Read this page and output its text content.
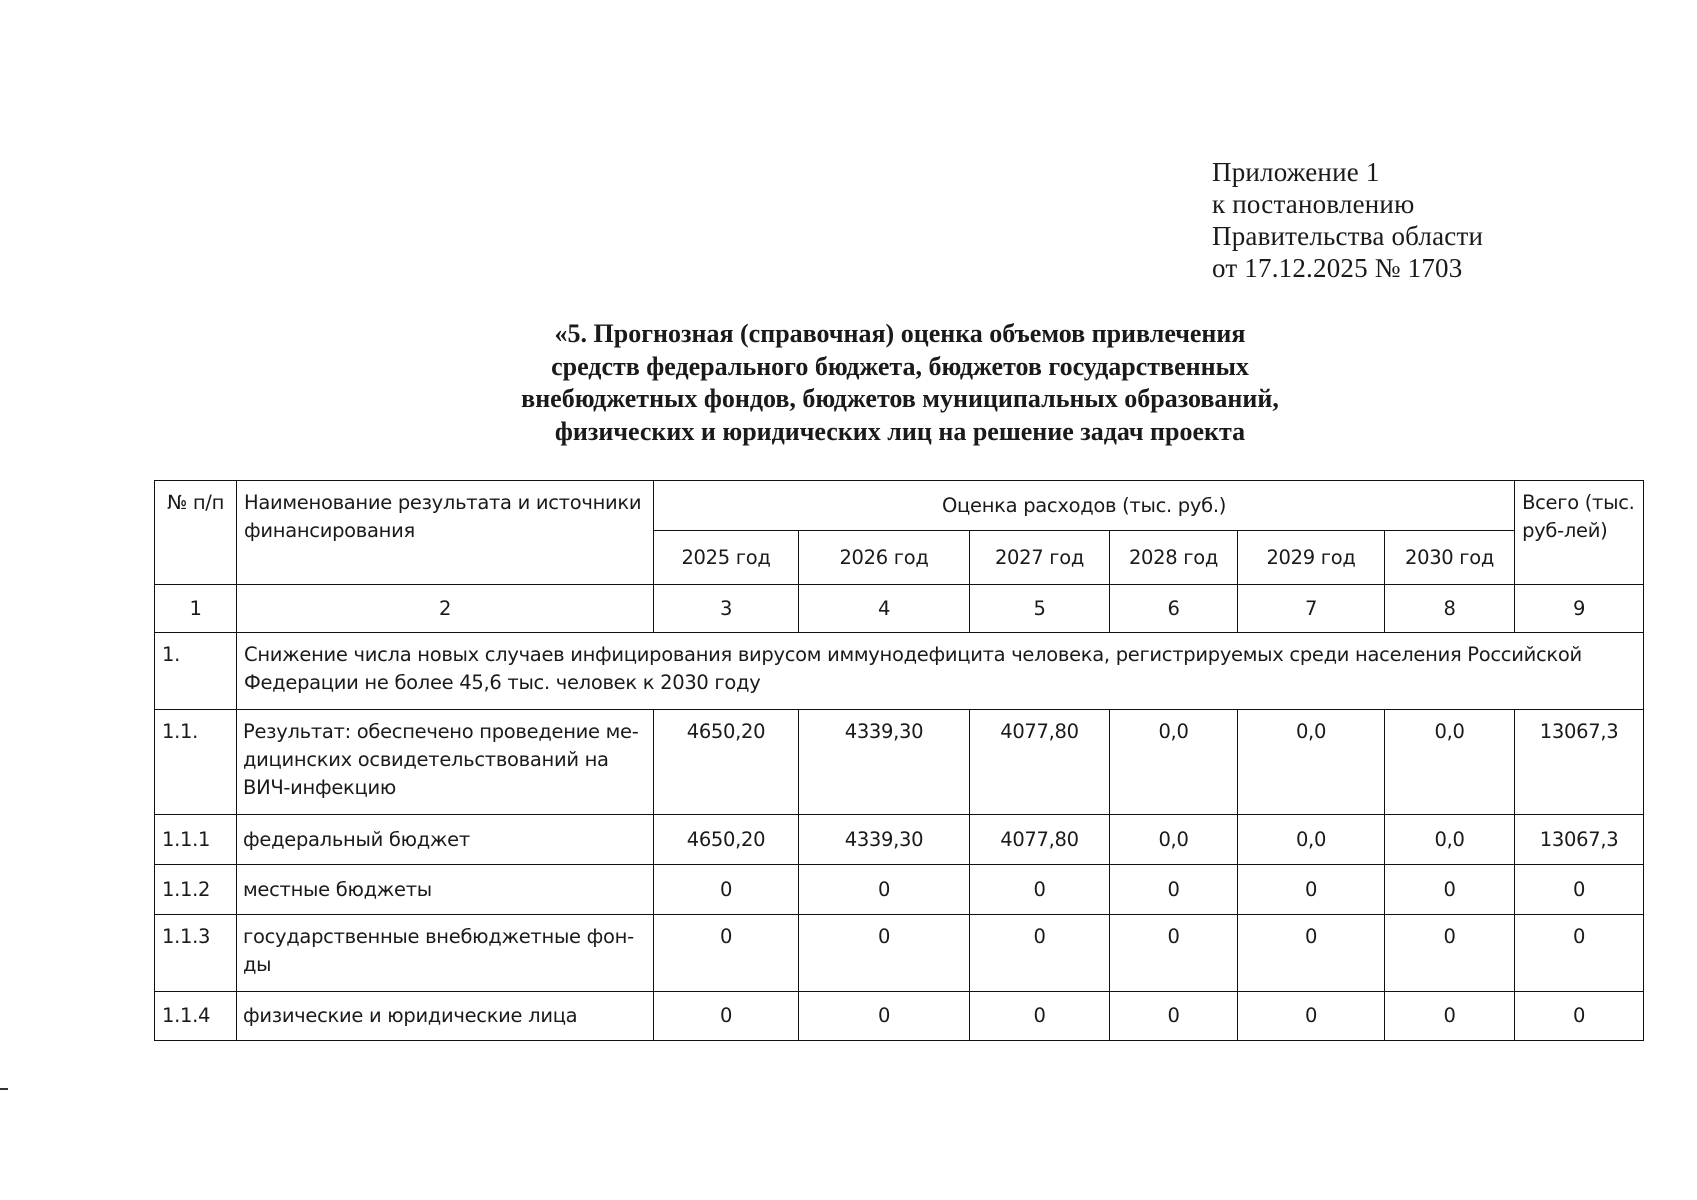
Приложение 1
к постановлению
Правительства области
от 17.12.2025 № 1703
«5. Прогнозная (справочная) оценка объемов привлечения
средств федерального бюджета, бюджетов государственных
внебюджетных фондов, бюджетов муниципальных образований,
физических и юридических лиц на решение задач проекта
№ п/п	Наименование результата и источники финансирования	Оценка расходов (тыс. руб.)						Всего (тыс. руб-лей)
		2025 год	2026 год	2027 год	2028 год	2029 год	2030 год	
1	2	3	4	5	6	7	8	9
1.	Снижение числа новых случаев инфицирования вирусом иммунодефицита человека, регистрируемых среди населения Российской Федерации не более 45,6 тыс. человек к 2030 году							
1.1.	Результат: обеспечено проведение ме-дицинских освидетельствований на ВИЧ-инфекцию	4650,20	4339,30	4077,80	0,0	0,0	0,0	13067,3
1.1.1	федеральный бюджет	4650,20	4339,30	4077,80	0,0	0,0	0,0	13067,3
1.1.2	местные бюджеты	0	0	0	0	0	0	0
1.1.3	государственные внебюджетные фон-ды	0	0	0	0	0	0	0
1.1.4	физические и юридические лица	0	0	0	0	0	0	0
